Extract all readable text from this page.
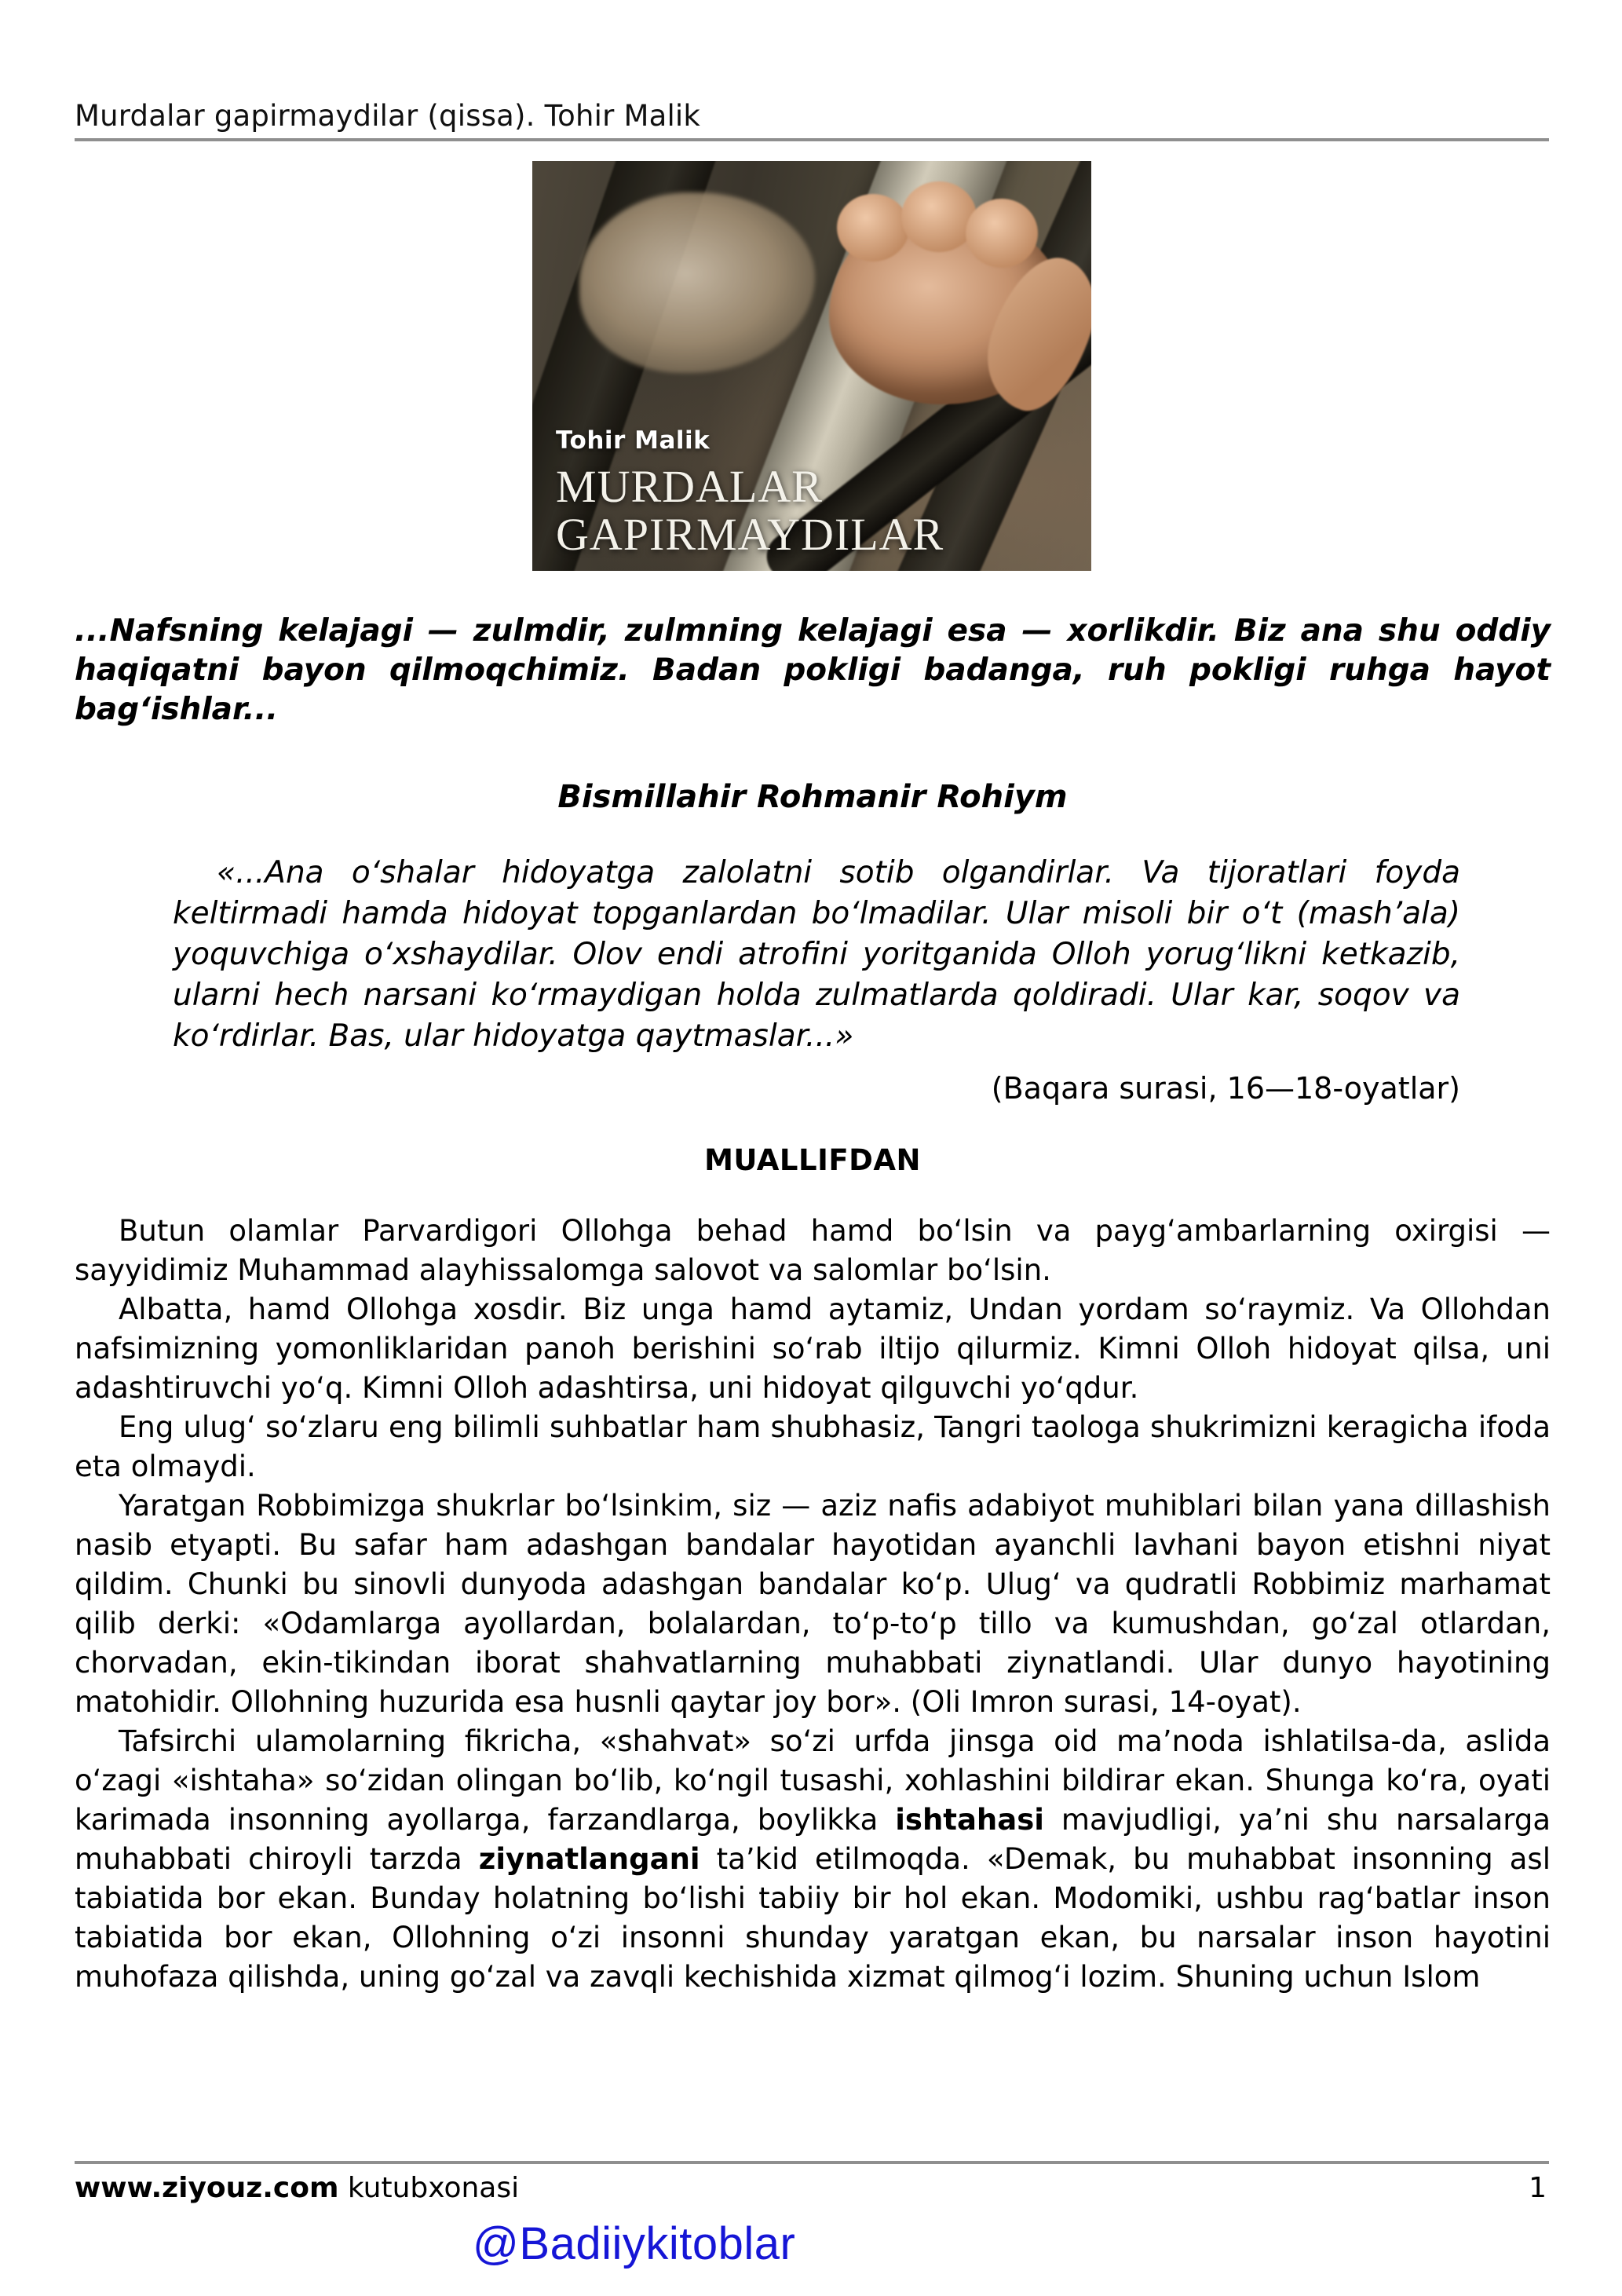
Murdalar gapirmaydilar (qissa). Tohir Malik
Tohir Malik
MURDALAR
GAPIRMAYDILAR
...Nafsning kelajagi — zulmdir, zulmning kelajagi esa — xorlikdir. Biz ana shu oddiy haqiqatni bayon qilmoqchimiz. Badan pokligi badanga, ruh pokligi ruhga hayot bag‘ishlar...
Bismillahir Rohmanir Rohiym
«...Ana o‘shalar hidoyatga zalolatni sotib olgandirlar. Va tijoratlari foyda keltirmadi hamda hidoyat topganlardan bo‘lmadilar. Ular misoli bir o‘t (mash’ala) yoquvchiga o‘xshaydilar. Olov endi atrofini yoritganida Olloh yorug‘likni ketkazib, ularni hech narsani ko‘rmaydigan holda zulmatlarda qoldiradi. Ular kar, soqov va ko‘rdirlar. Bas, ular hidoyatga qaytmaslar...»
(Baqara surasi, 16—18-oyatlar)
MUALLIFDAN

Butun olamlar Parvardigori Ollohga behad hamd bo‘lsin va payg‘ambarlarning oxirgisi — sayyidimiz Muhammad alayhissalomga salovot va salomlar bo‘lsin.

Albatta, hamd Ollohga xosdir. Biz unga hamd aytamiz, Undan yordam so‘raymiz. Va Ollohdan nafsimizning yomonliklaridan panoh berishini so‘rab iltijo qilurmiz. Kimni Olloh hidoyat qilsa, uni adashtiruvchi yo‘q. Kimni Olloh adashtirsa, uni hidoyat qilguvchi yo‘qdur.

Eng ulug‘ so‘zlaru eng bilimli suhbatlar ham shubhasiz, Tangri taologa shukrimizni keragicha ifoda eta olmaydi.

Yaratgan Robbimizga shukrlar bo‘lsinkim, siz — aziz nafis adabiyot muhiblari bilan yana dillashish nasib etyapti. Bu safar ham adashgan bandalar hayotidan ayanchli lavhani bayon etishni niyat qildim. Chunki bu sinovli dunyoda adashgan bandalar ko‘p. Ulug‘ va qudratli Robbimiz marhamat qilib derki: «Odamlarga ayollardan, bolalardan, to‘p-to‘p tillo va kumushdan, go‘zal otlardan, chorvadan, ekin-tikindan iborat shahvatlarning muhabbati ziynatlandi. Ular dunyo hayotining matohidir. Ollohning huzurida esa husnli qaytar joy bor». (Oli Imron surasi, 14-oyat).

Tafsirchi ulamolarning fikricha, «shahvat» so‘zi urfda jinsga oid ma’noda ishlatilsa-da, aslida o‘zagi «ishtaha» so‘zidan olingan bo‘lib, ko‘ngil tusashi, xohlashini bildirar ekan. Shunga ko‘ra, oyati karimada insonning ayollarga, farzandlarga, boylikka ishtahasi mavjudligi, ya’ni shu narsalarga muhabbati chiroyli tarzda ziynatlangani ta’kid etilmoqda. «Demak, bu muhabbat insonning asl tabiatida bor ekan. Bunday holatning bo‘lishi tabiiy bir hol ekan. Modomiki, ushbu rag‘batlar inson tabiatida bor ekan, Ollohning o‘zi insonni shunday yaratgan ekan, bu narsalar inson hayotini muhofaza qilishda, uning go‘zal va zavqli kechishida xizmat qilmog‘i lozim. Shuning uchun Islom

www.ziyouz.com kutubxonasi	1
@Badiiykitoblar
